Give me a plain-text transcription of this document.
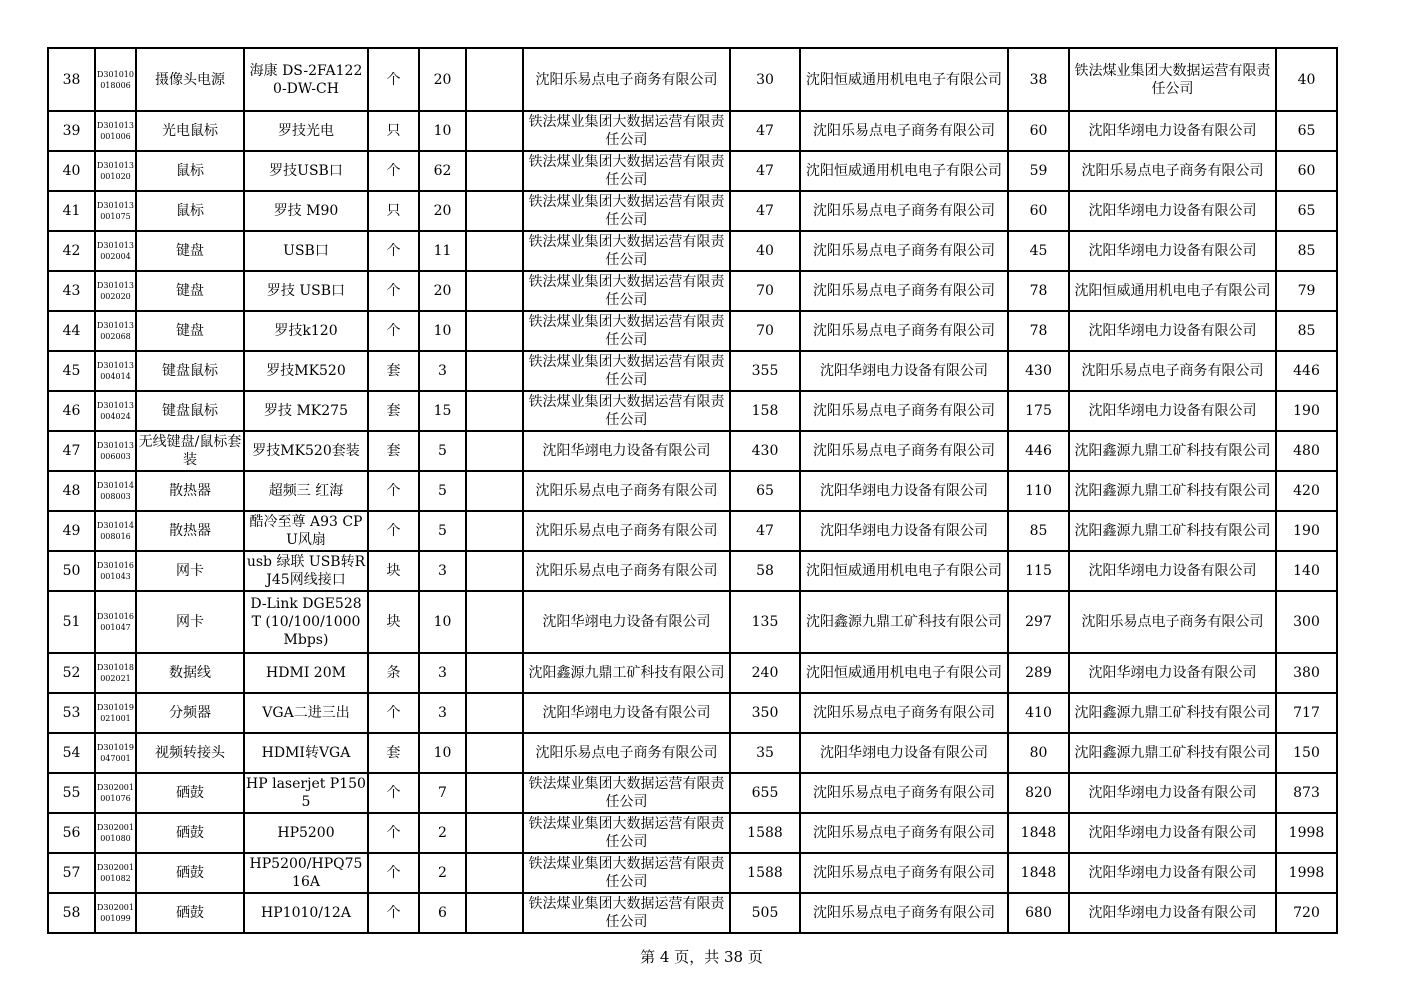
38	D301010 018006	摄像头电源	海康 DS-2FA1220-DW-CH	个	20		沈阳乐易点电子商务有限公司	30	沈阳恒威通用机电电子有限公司	38	铁法煤业集团大数据运营有限责任公司	40
39	D301013 001006	光电鼠标	罗技光电	只	10		铁法煤业集团大数据运营有限责任公司	47	沈阳乐易点电子商务有限公司	60	沈阳华翊电力设备有限公司	65
40	D301013 001020	鼠标	罗技USB口	个	62		铁法煤业集团大数据运营有限责任公司	47	沈阳恒威通用机电电子有限公司	59	沈阳乐易点电子商务有限公司	60
41	D301013 001075	鼠标	罗技 M90	只	20		铁法煤业集团大数据运营有限责任公司	47	沈阳乐易点电子商务有限公司	60	沈阳华翊电力设备有限公司	65
42	D301013 002004	键盘	USB口	个	11		铁法煤业集团大数据运营有限责任公司	40	沈阳乐易点电子商务有限公司	45	沈阳华翊电力设备有限公司	85
43	D301013 002020	键盘	罗技 USB口	个	20		铁法煤业集团大数据运营有限责任公司	70	沈阳乐易点电子商务有限公司	78	沈阳恒威通用机电电子有限公司	79
44	D301013 002068	键盘	罗技k120	个	10		铁法煤业集团大数据运营有限责任公司	70	沈阳乐易点电子商务有限公司	78	沈阳华翊电力设备有限公司	85
45	D301013 004014	键盘鼠标	罗技MK520	套	3		铁法煤业集团大数据运营有限责任公司	355	沈阳华翊电力设备有限公司	430	沈阳乐易点电子商务有限公司	446
46	D301013 004024	键盘鼠标	罗技 MK275	套	15		铁法煤业集团大数据运营有限责任公司	158	沈阳乐易点电子商务有限公司	175	沈阳华翊电力设备有限公司	190
47	D301013 006003	无线键盘/鼠标套装	罗技MK520套装	套	5		沈阳华翊电力设备有限公司	430	沈阳乐易点电子商务有限公司	446	沈阳鑫源九鼎工矿科技有限公司	480
48	D301014 008003	散热器	超频三 红海	个	5		沈阳乐易点电子商务有限公司	65	沈阳华翊电力设备有限公司	110	沈阳鑫源九鼎工矿科技有限公司	420
49	D301014 008016	散热器	酷冷至尊 A93 CPU风扇	个	5		沈阳乐易点电子商务有限公司	47	沈阳华翊电力设备有限公司	85	沈阳鑫源九鼎工矿科技有限公司	190
50	D301016 001043	网卡	usb 绿联 USB转RJ45网线接口	块	3		沈阳乐易点电子商务有限公司	58	沈阳恒威通用机电电子有限公司	115	沈阳华翊电力设备有限公司	140
51	D301016 001047	网卡	D-Link DGE528T (10/100/1000Mbps)	块	10		沈阳华翊电力设备有限公司	135	沈阳鑫源九鼎工矿科技有限公司	297	沈阳乐易点电子商务有限公司	300
52	D301018 002021	数据线	HDMI 20M	条	3		沈阳鑫源九鼎工矿科技有限公司	240	沈阳恒威通用机电电子有限公司	289	沈阳华翊电力设备有限公司	380
53	D301019 021001	分频器	VGA二进三出	个	3		沈阳华翊电力设备有限公司	350	沈阳乐易点电子商务有限公司	410	沈阳鑫源九鼎工矿科技有限公司	717
54	D301019 047001	视频转接头	HDMI转VGA	套	10		沈阳乐易点电子商务有限公司	35	沈阳华翊电力设备有限公司	80	沈阳鑫源九鼎工矿科技有限公司	150
55	D302001 001076	硒鼓	HP laserjet P1505	个	7		铁法煤业集团大数据运营有限责任公司	655	沈阳乐易点电子商务有限公司	820	沈阳华翊电力设备有限公司	873
56	D302001 001080	硒鼓	HP5200	个	2		铁法煤业集团大数据运营有限责任公司	1588	沈阳乐易点电子商务有限公司	1848	沈阳华翊电力设备有限公司	1998
57	D302001 001082	硒鼓	HP5200/HPQ7516A	个	2		铁法煤业集团大数据运营有限责任公司	1588	沈阳乐易点电子商务有限公司	1848	沈阳华翊电力设备有限公司	1998
58	D302001 001099	硒鼓	HP1010/12A	个	6		铁法煤业集团大数据运营有限责任公司	505	沈阳乐易点电子商务有限公司	680	沈阳华翊电力设备有限公司	720
第 4 页，共 38 页
